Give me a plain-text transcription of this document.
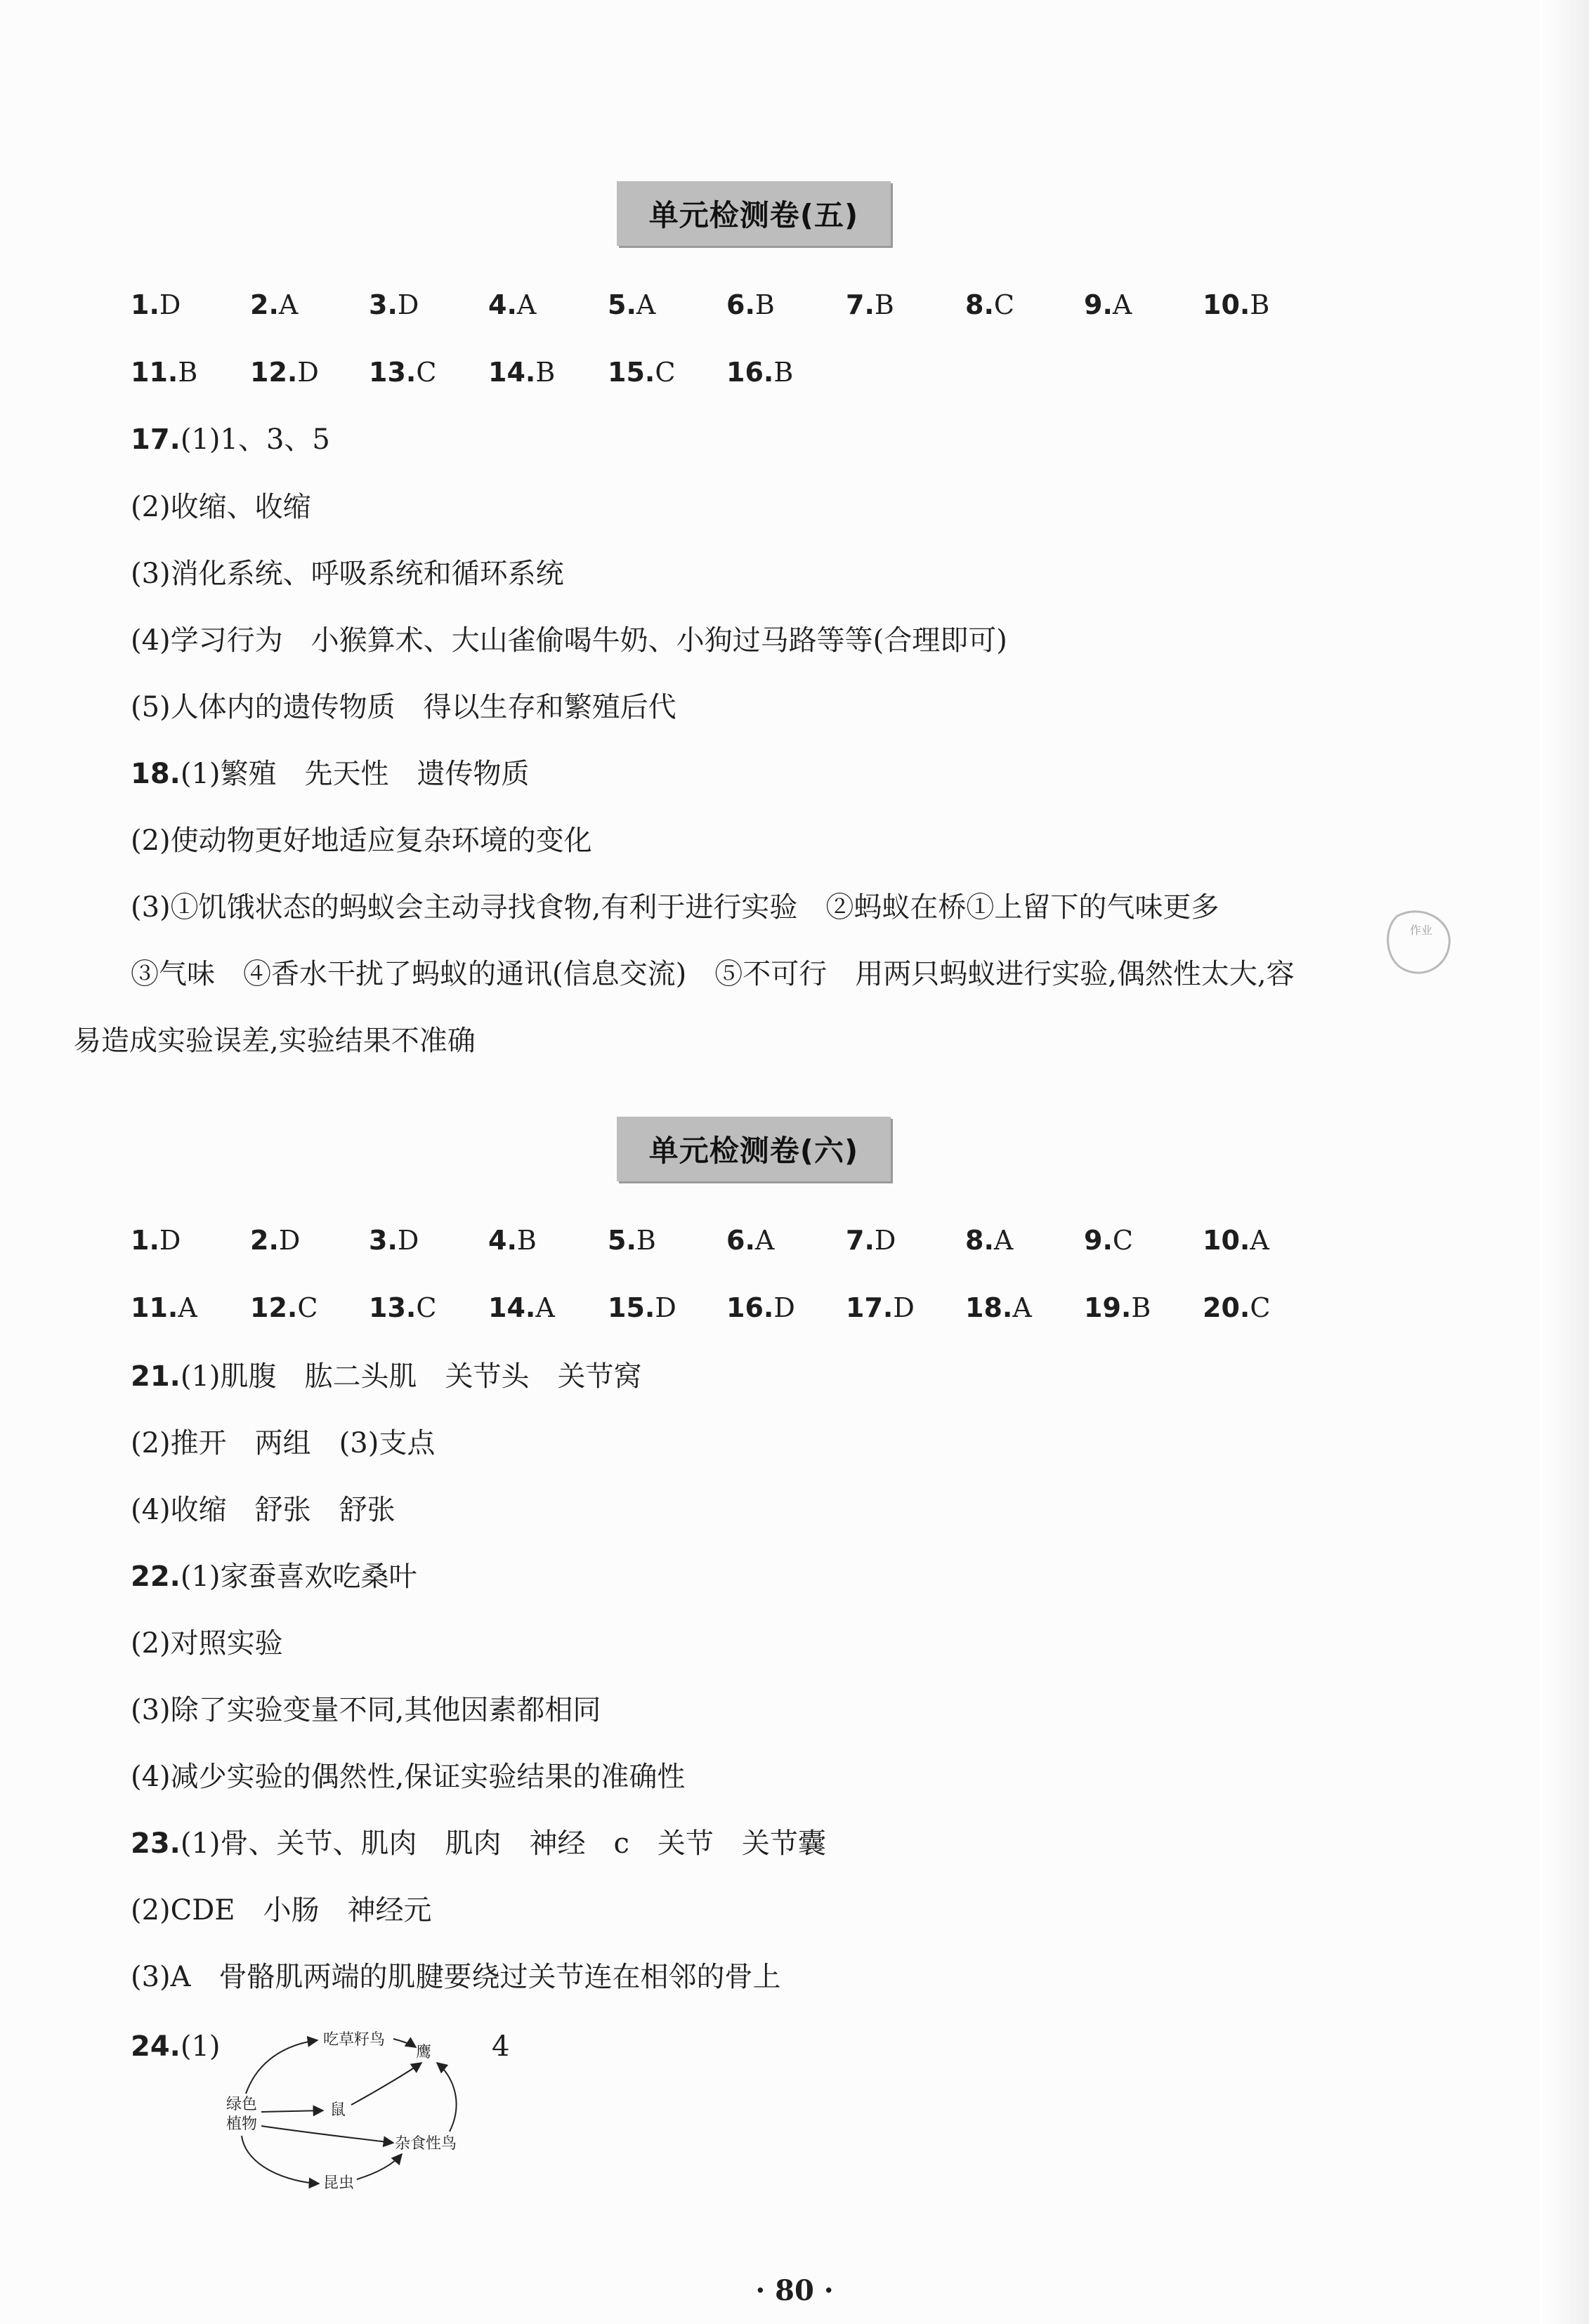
单元检测卷(五)
1.D	2.A	3.D	4.A	5.A	6.B	7.B	8.C	9.A	10.B
11.B 12.D 13.C 14.B 15.C 16.B
17.(1)1、3、5
(2)收缩、收缩
(3)消化系统、呼吸系统和循环系统
(4)学习行为　小猴算术、大山雀偷喝牛奶、小狗过马路等等(合理即可)
(5)人体内的遗传物质　得以生存和繁殖后代
18.(1)繁殖　先天性　遗传物质
(2)使动物更好地适应复杂环境的变化
(3)①饥饿状态的蚂蚁会主动寻找食物,有利于进行实验　②蚂蚁在桥①上留下的气味更多
③气味　④香水干扰了蚂蚁的通讯(信息交流)　⑤不可行　用两只蚂蚁进行实验,偶然性太大,容
易造成实验误差,实验结果不准确
作业
单元检测卷(六)
1.D	2.D	3.D	4.B	5.B	6.A	7.D	8.A	9.C	10.A
11.A 12.C 13.C 14.A 15.D 16.D 17.D 18.A 19.B 20.C
21.(1)肌腹　肱二头肌　关节头　关节窝
(2)推开　两组　(3)支点
(4)收缩　舒张　舒张
22.(1)家蚕喜欢吃桑叶
(2)对照实验
(3)除了实验变量不同,其他因素都相同
(4)减少实验的偶然性,保证实验结果的准确性
23.(1)骨、关节、肌肉　肌肉　神经　c　关节　关节囊
(2)CDE　小肠　神经元
(3)A　骨骼肌两端的肌腱要绕过关节连在相邻的骨上
24.(1)	4
吃草籽鸟
鹰
绿色
植物
鼠
杂食性鸟
昆虫
· 80 ·
